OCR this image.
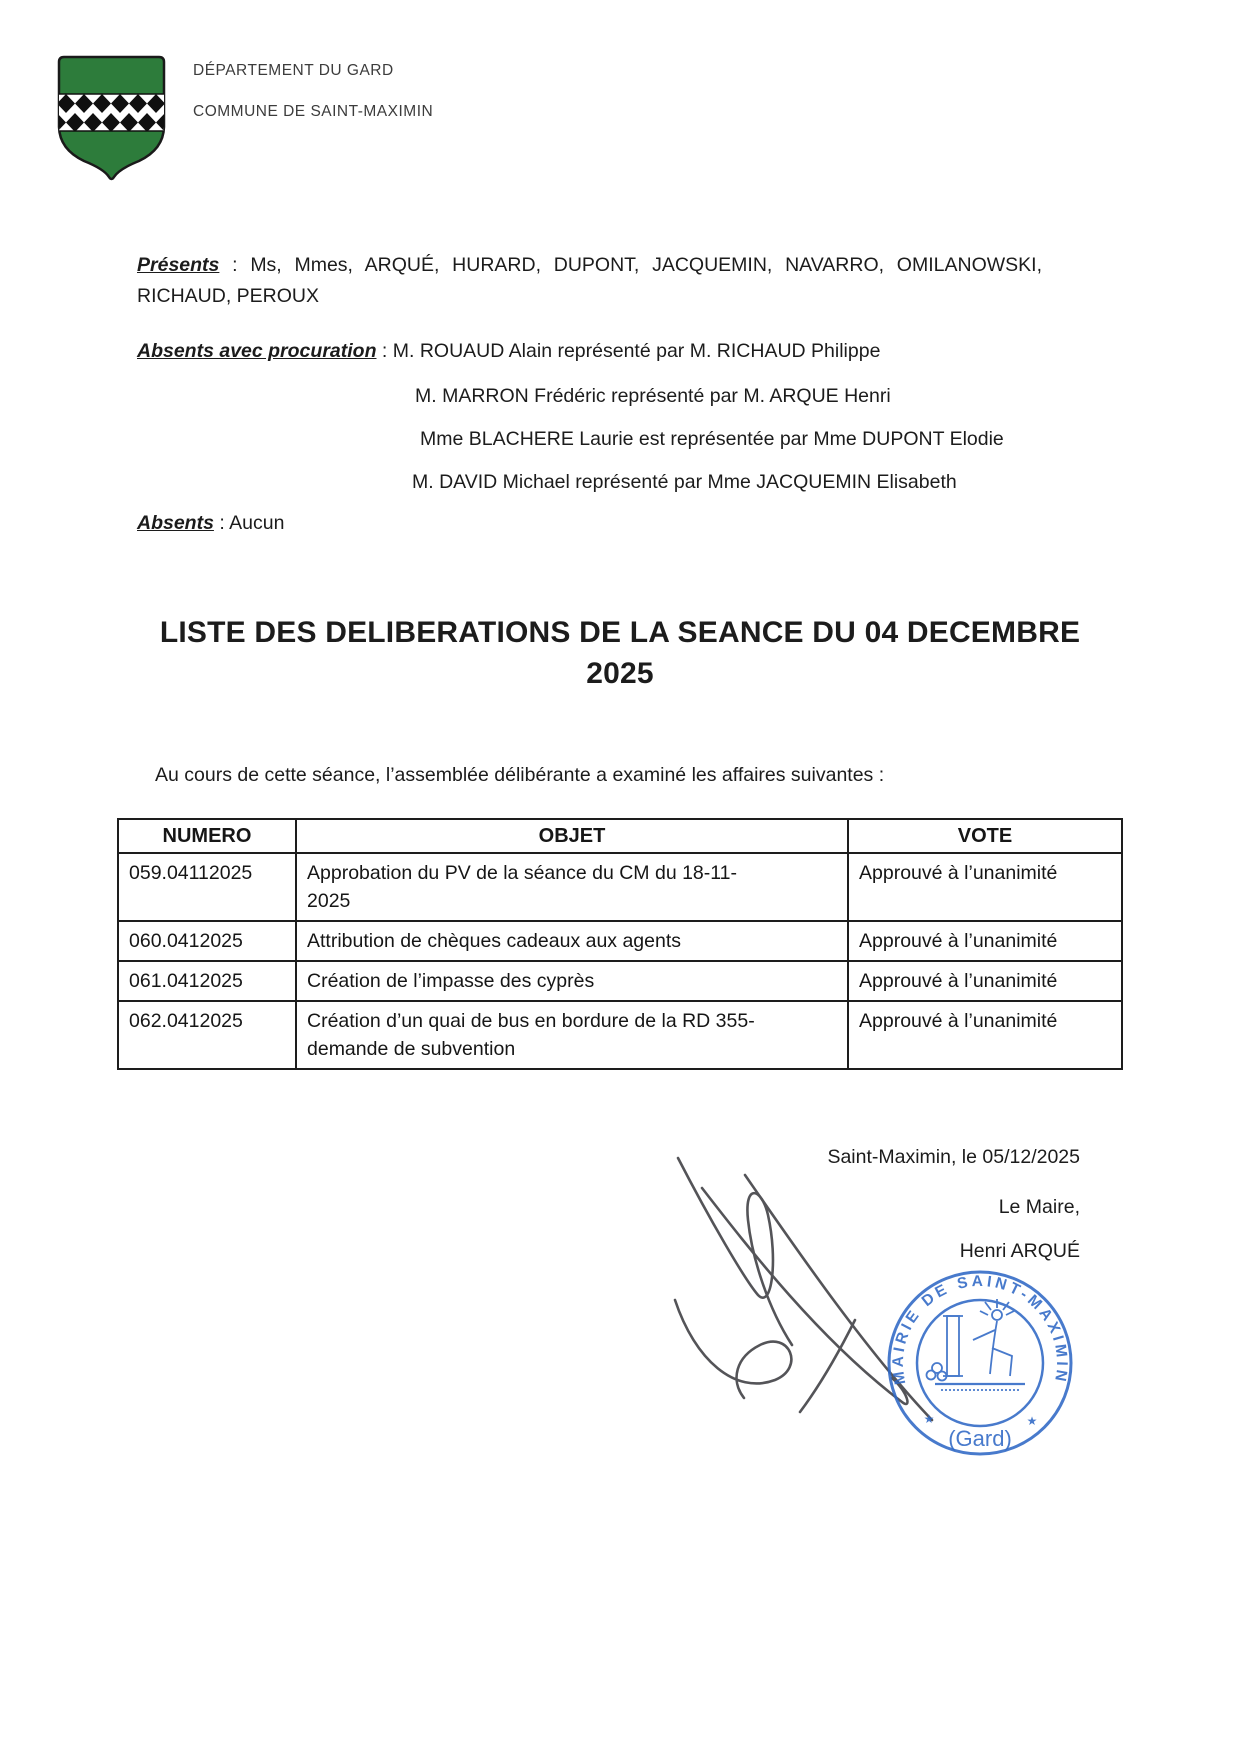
DÉPARTEMENT DU GARD
COMMUNE DE SAINT-MAXIMIN
Présents : Ms, Mmes, ARQUÉ, HURARD, DUPONT, JACQUEMIN, NAVARRO, OMILANOWSKI,
RICHAUD, PEROUX
Absents avec procuration : M. ROUAUD Alain représenté par M. RICHAUD Philippe
M. MARRON Frédéric représenté par M. ARQUE Henri
Mme BLACHERE Laurie est représentée par Mme DUPONT Elodie
M. DAVID Michael représenté par Mme JACQUEMIN Elisabeth
Absents : Aucun
LISTE DES DELIBERATIONS DE LA SEANCE DU 04 DECEMBRE
2025
Au cours de cette séance, l’assemblée délibérante a examiné les affaires suivantes :
NUMERO	OBJET	VOTE
059.04112025	Approbation du PV de la séance du CM du 18-11-2025	Approuvé à l’unanimité
060.0412025	Attribution de chèques cadeaux aux agents	Approuvé à l’unanimité
061.0412025	Création de l’impasse des cyprès	Approuvé à l’unanimité
062.0412025	Création d’un quai de bus en bordure de la RD 355- demande de subvention	Approuvé à l’unanimité
Saint-Maximin, le 05/12/2025
Le Maire,
Henri ARQUÉ
MAIRIE DE SAINT-MAXIMIN
(Gard)
★	★
